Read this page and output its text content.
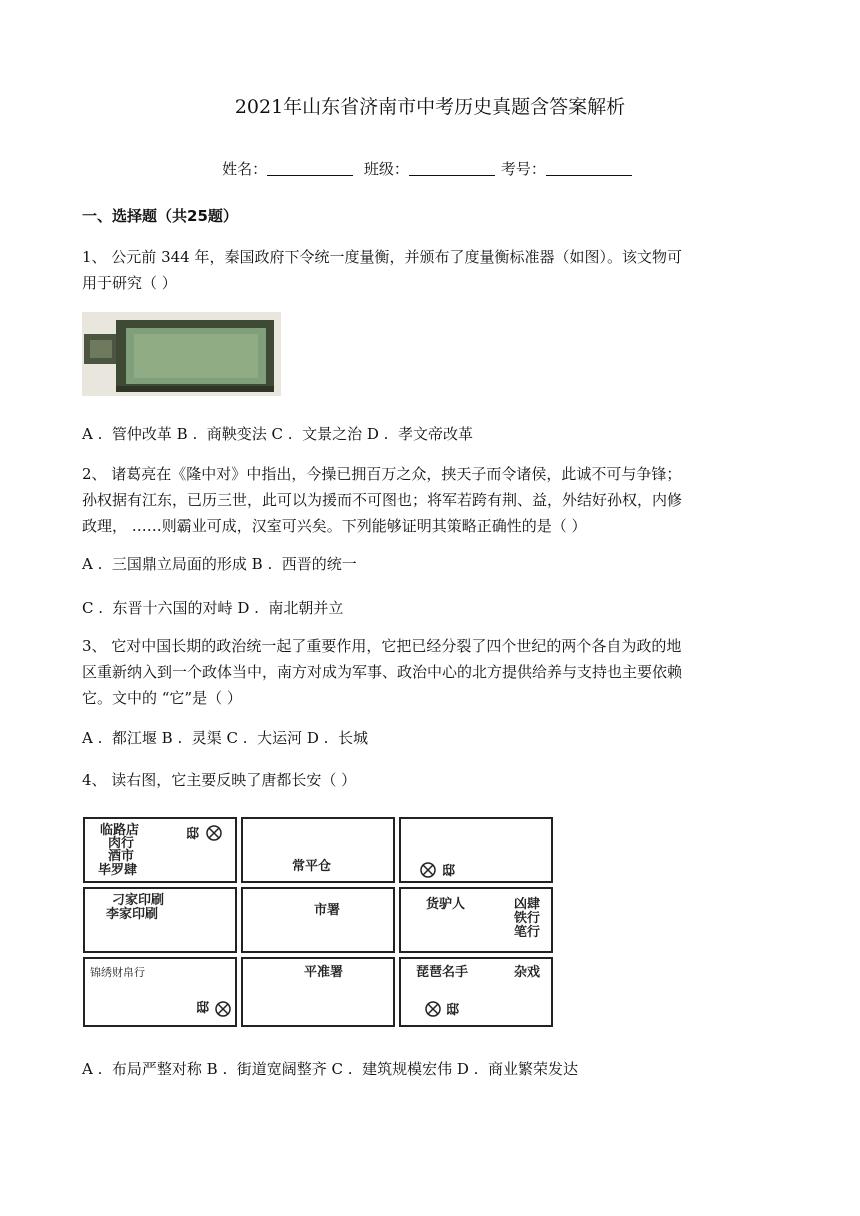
2021年山东省济南市中考历史真题含答案解析
姓名：	班级：	考号：
一、选择题（共25题）
1、 公元前 344 年，秦国政府下令统一度量衡，并颁布了度量衡标准器（如图）。该文物可
用于研究（ ）
A .  管仲改革 B .  商鞅变法 C .  文景之治 D .  孝文帝改革
2、 诸葛亮在《隆中对》中指出，今操已拥百万之众，挟天子而令诸侯，此诚不可与争锋；
孙权据有江东，已历三世，此可以为援而不可图也；将军若跨有荆、益，外结好孙权，内修
政理， ……则霸业可成，汉室可兴矣。下列能够证明其策略正确性的是（ ）
A .  三国鼎立局面的形成 B .  西晋的统一
C .  东晋十六国的对峙 D .  南北朝并立
3、 它对中国长期的政治统一起了重要作用，它把已经分裂了四个世纪的两个各自为政的地
区重新纳入到一个政体当中，南方对成为军事、政治中心的北方提供给养与支持也主要依赖
它。文中的 “它”是（ ）
A .  都江堰 B .  灵渠 C .  大运河 D .  长城
4、 读右图，它主要反映了唐都长安（ ）
临路店
肉行
酒市
毕罗肆
邸
常平仓	邸
刁家印刷
李家印刷	市署	货驴人	凶肆
铁行
笔行
锦绣财帛行
邸
平准署	琵琶名手	杂戏
邸
A .  布局严整对称 B .  街道宽阔整齐 C .  建筑规模宏伟 D .  商业繁荣发达
